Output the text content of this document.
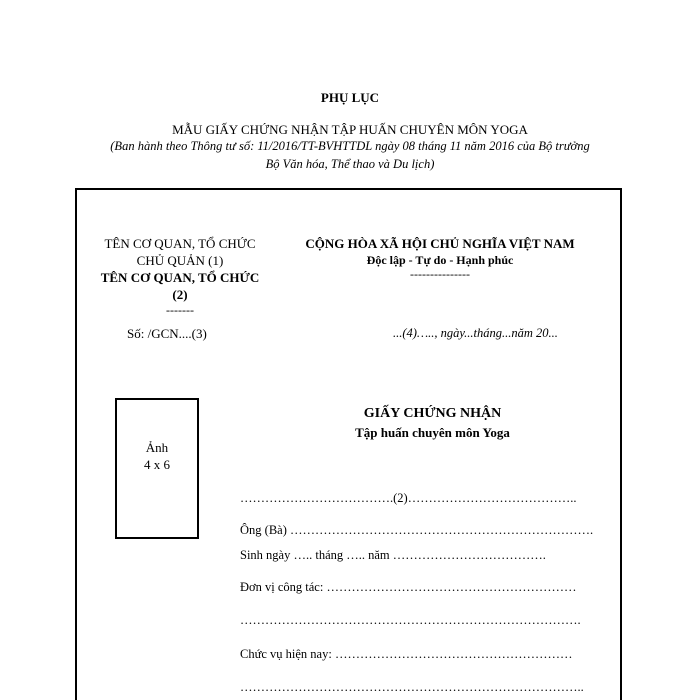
PHỤ LỤC
MẪU GIẤY CHỨNG NHẬN TẬP HUẤN CHUYÊN MÔN YOGA
(Ban hành theo Thông tư số: 11/2016/TT-BVHTTDL ngày 08 tháng 11 năm 2016 của Bộ trưởng
Bộ Văn hóa, Thể thao và Du lịch)
TÊN CƠ QUAN, TỔ CHỨC
CHỦ QUẢN (1)
TÊN CƠ QUAN, TỔ CHỨC
(2)
-------
CỘNG HÒA XÃ HỘI CHỦ NGHĨA VIỆT NAM
Độc lập - Tự do - Hạnh phúc
---------------
Số: /GCN....(3)	...(4)….., ngày...tháng...năm 20...
Ảnh
4 x 6
GIẤY CHỨNG NHẬN
Tập huấn chuyên môn Yoga
……………………………….(2)…………………………………..
Ông (Bà) ……………………………………………………………….
Sinh ngày ….. tháng ….. năm ……………………………….
Đơn vị công tác: ……………………………………………………
……………………………………………………………………….
Chức vụ hiện nay: …………………………………………………
………………………………………………………………………..
